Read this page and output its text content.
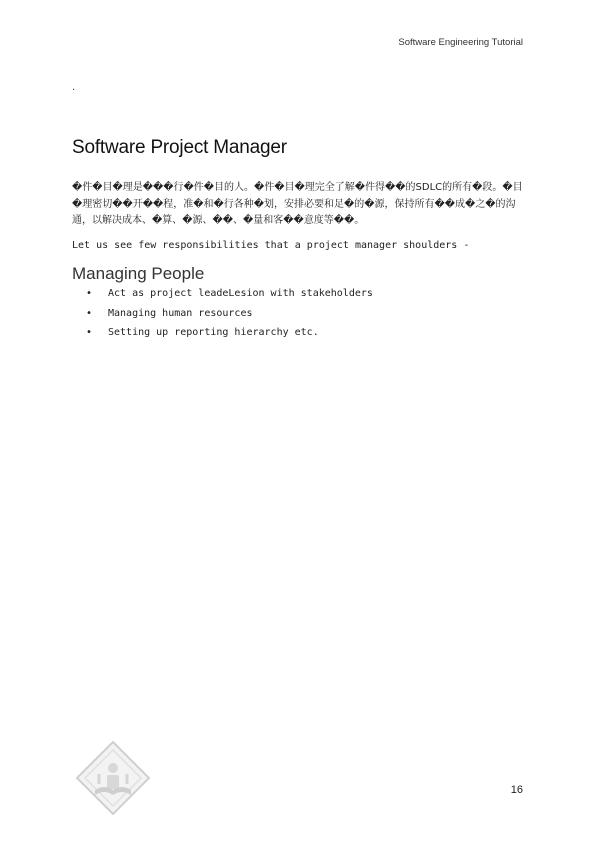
Software Engineering Tutorial
.
Software Project Manager

�件�目�理是���行�件�目的人。�件�目�理完全了解�件得��的SDLC的所有�段。�目�理密切��开��程，准�和�行各种�划，安排必要和足�的�源，保持所有��成�之�的沟通，以解决成本、�算、�源、��、�量和客��意度等��。

Let us see few responsibilities that a project manager shoulders -

Managing People
• Act as project leadeLesion with stakeholders
• Managing human resources
• Setting up reporting hierarchy etc.
16
